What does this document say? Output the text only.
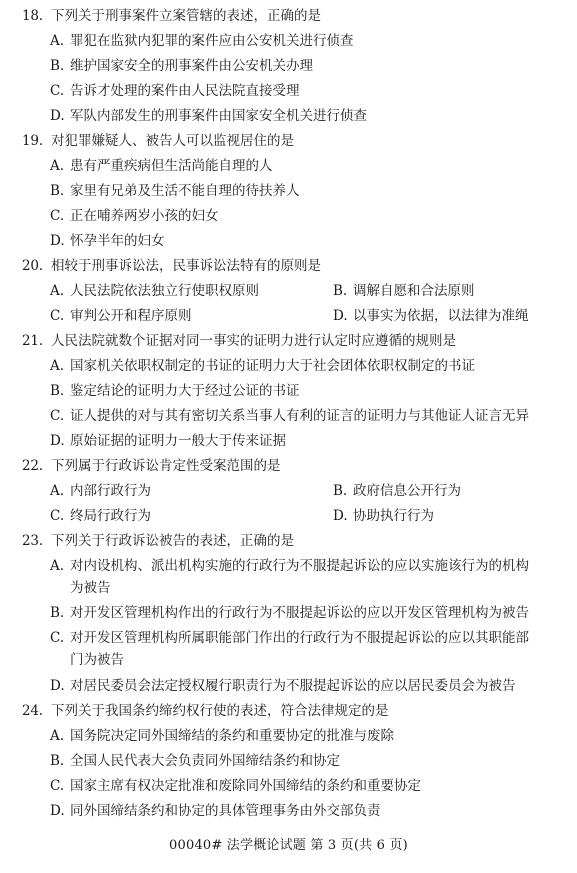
18. 下列关于刑事案件立案管辖的表述，正确的是
A. 罪犯在监狱内犯罪的案件应由公安机关进行侦查
B. 维护国家安全的刑事案件由公安机关办理
C. 告诉才处理的案件由人民法院直接受理
D. 军队内部发生的刑事案件由国家安全机关进行侦查
19. 对犯罪嫌疑人、被告人可以监视居住的是
A. 患有严重疾病但生活尚能自理的人
B. 家里有兄弟及生活不能自理的待扶养人
C. 正在哺养两岁小孩的妇女
D. 怀孕半年的妇女
20. 相较于刑事诉讼法，民事诉讼法特有的原则是
A. 人民法院依法独立行使职权原则	B. 调解自愿和合法原则
C. 审判公开和程序原则	D. 以事实为依据，以法律为准绳
21. 人民法院就数个证据对同一事实的证明力进行认定时应遵循的规则是
A. 国家机关依职权制定的书证的证明力大于社会团体依职权制定的书证
B. 鉴定结论的证明力大于经过公证的书证
C. 证人提供的对与其有密切关系当事人有利的证言的证明力与其他证人证言无异
D. 原始证据的证明力一般大于传来证据
22. 下列属于行政诉讼肯定性受案范围的是
A. 内部行政行为	B. 政府信息公开行为
C. 终局行政行为	D. 协助执行行为
23. 下列关于行政诉讼被告的表述，正确的是
A. 对内设机构、派出机构实施的行政行为不服提起诉讼的应以实施该行为的机构
为被告
B. 对开发区管理机构作出的行政行为不服提起诉讼的应以开发区管理机构为被告
C. 对开发区管理机构所属职能部门作出的行政行为不服提起诉讼的应以其职能部
门为被告
D. 对居民委员会法定授权履行职责行为不服提起诉讼的应以居民委员会为被告
24. 下列关于我国条约缔约权行使的表述，符合法律规定的是
A. 国务院决定同外国缔结的条约和重要协定的批准与废除
B. 全国人民代表大会负责同外国缔结条约和协定
C. 国家主席有权决定批准和废除同外国缔结的条约和重要协定
D. 同外国缔结条约和协定的具体管理事务由外交部负责
00040# 法学概论试题 第 3 页(共 6 页)
